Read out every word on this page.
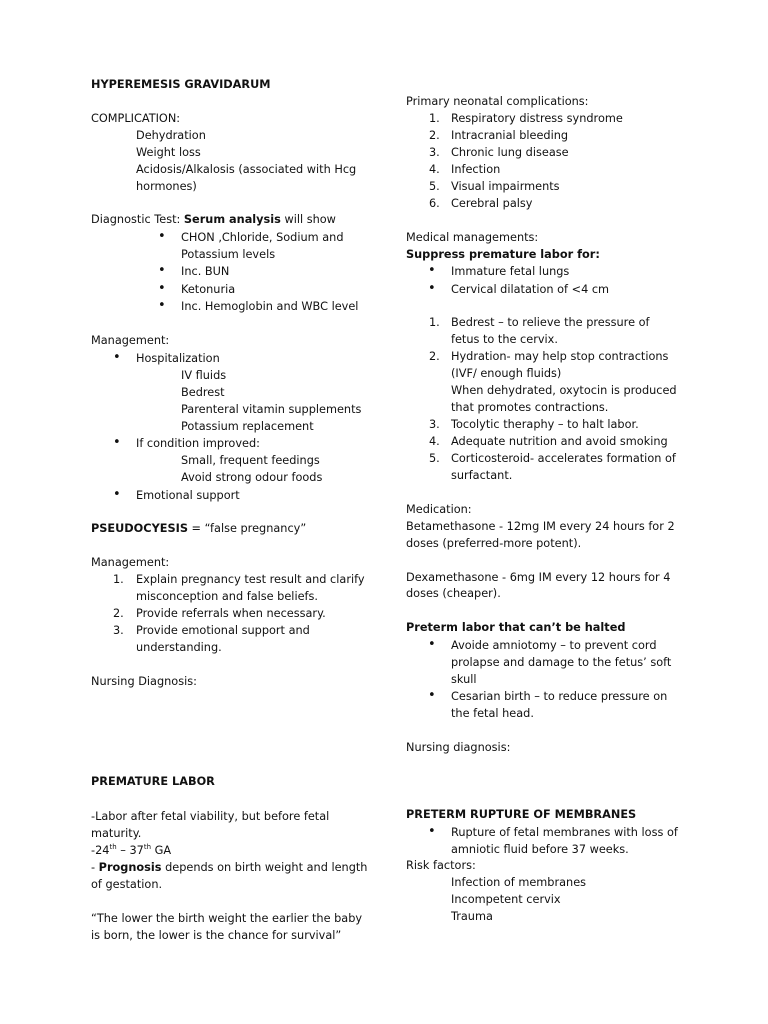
HYPEREMESIS GRAVIDARUM
COMPLICATION:
Dehydration
Weight loss
Acidosis/Alkalosis (associated with Hcg
hormones)
Diagnostic Test: Serum analysis will show
• CHON ,Chloride, Sodium and
Potassium levels
• Inc. BUN
• Ketonuria
• Inc. Hemoglobin and WBC level
Management:
• Hospitalization
IV fluids
Bedrest
Parenteral vitamin supplements
Potassium replacement
• If condition improved:
Small, frequent feedings
Avoid strong odour foods
• Emotional support
PSEUDOCYESIS = “false pregnancy”
Management:
1. Explain pregnancy test result and clarify
misconception and false beliefs.
2. Provide referrals when necessary.
3. Provide emotional support and
understanding.
Nursing Diagnosis:
PREMATURE LABOR
-Labor after fetal viability, but before fetal
maturity.
-24th – 37th GA
- Prognosis depends on birth weight and length
of gestation.
“The lower the birth weight the earlier the baby
is born, the lower is the chance for survival”
Primary neonatal complications:
1. Respiratory distress syndrome
2. Intracranial bleeding
3. Chronic lung disease
4. Infection
5. Visual impairments
6. Cerebral palsy
Medical managements:
Suppress premature labor for:
• Immature fetal lungs
• Cervical dilatation of <4 cm
1. Bedrest – to relieve the pressure of
fetus to the cervix.
2. Hydration- may help stop contractions
(IVF/ enough fluids)
When dehydrated, oxytocin is produced
that promotes contractions.
3. Tocolytic theraphy – to halt labor.
4. Adequate nutrition and avoid smoking
5. Corticosteroid- accelerates formation of
surfactant.
Medication:
Betamethasone - 12mg IM every 24 hours for 2
doses (preferred-more potent).
Dexamethasone - 6mg IM every 12 hours for 4
doses (cheaper).
Preterm labor that can’t be halted
• Avoide amniotomy – to prevent cord
prolapse and damage to the fetus’ soft
skull
• Cesarian birth – to reduce pressure on
the fetal head.
Nursing diagnosis:
PRETERM RUPTURE OF MEMBRANES
• Rupture of fetal membranes with loss of
amniotic fluid before 37 weeks.
Risk factors:
Infection of membranes
Incompetent cervix
Trauma
